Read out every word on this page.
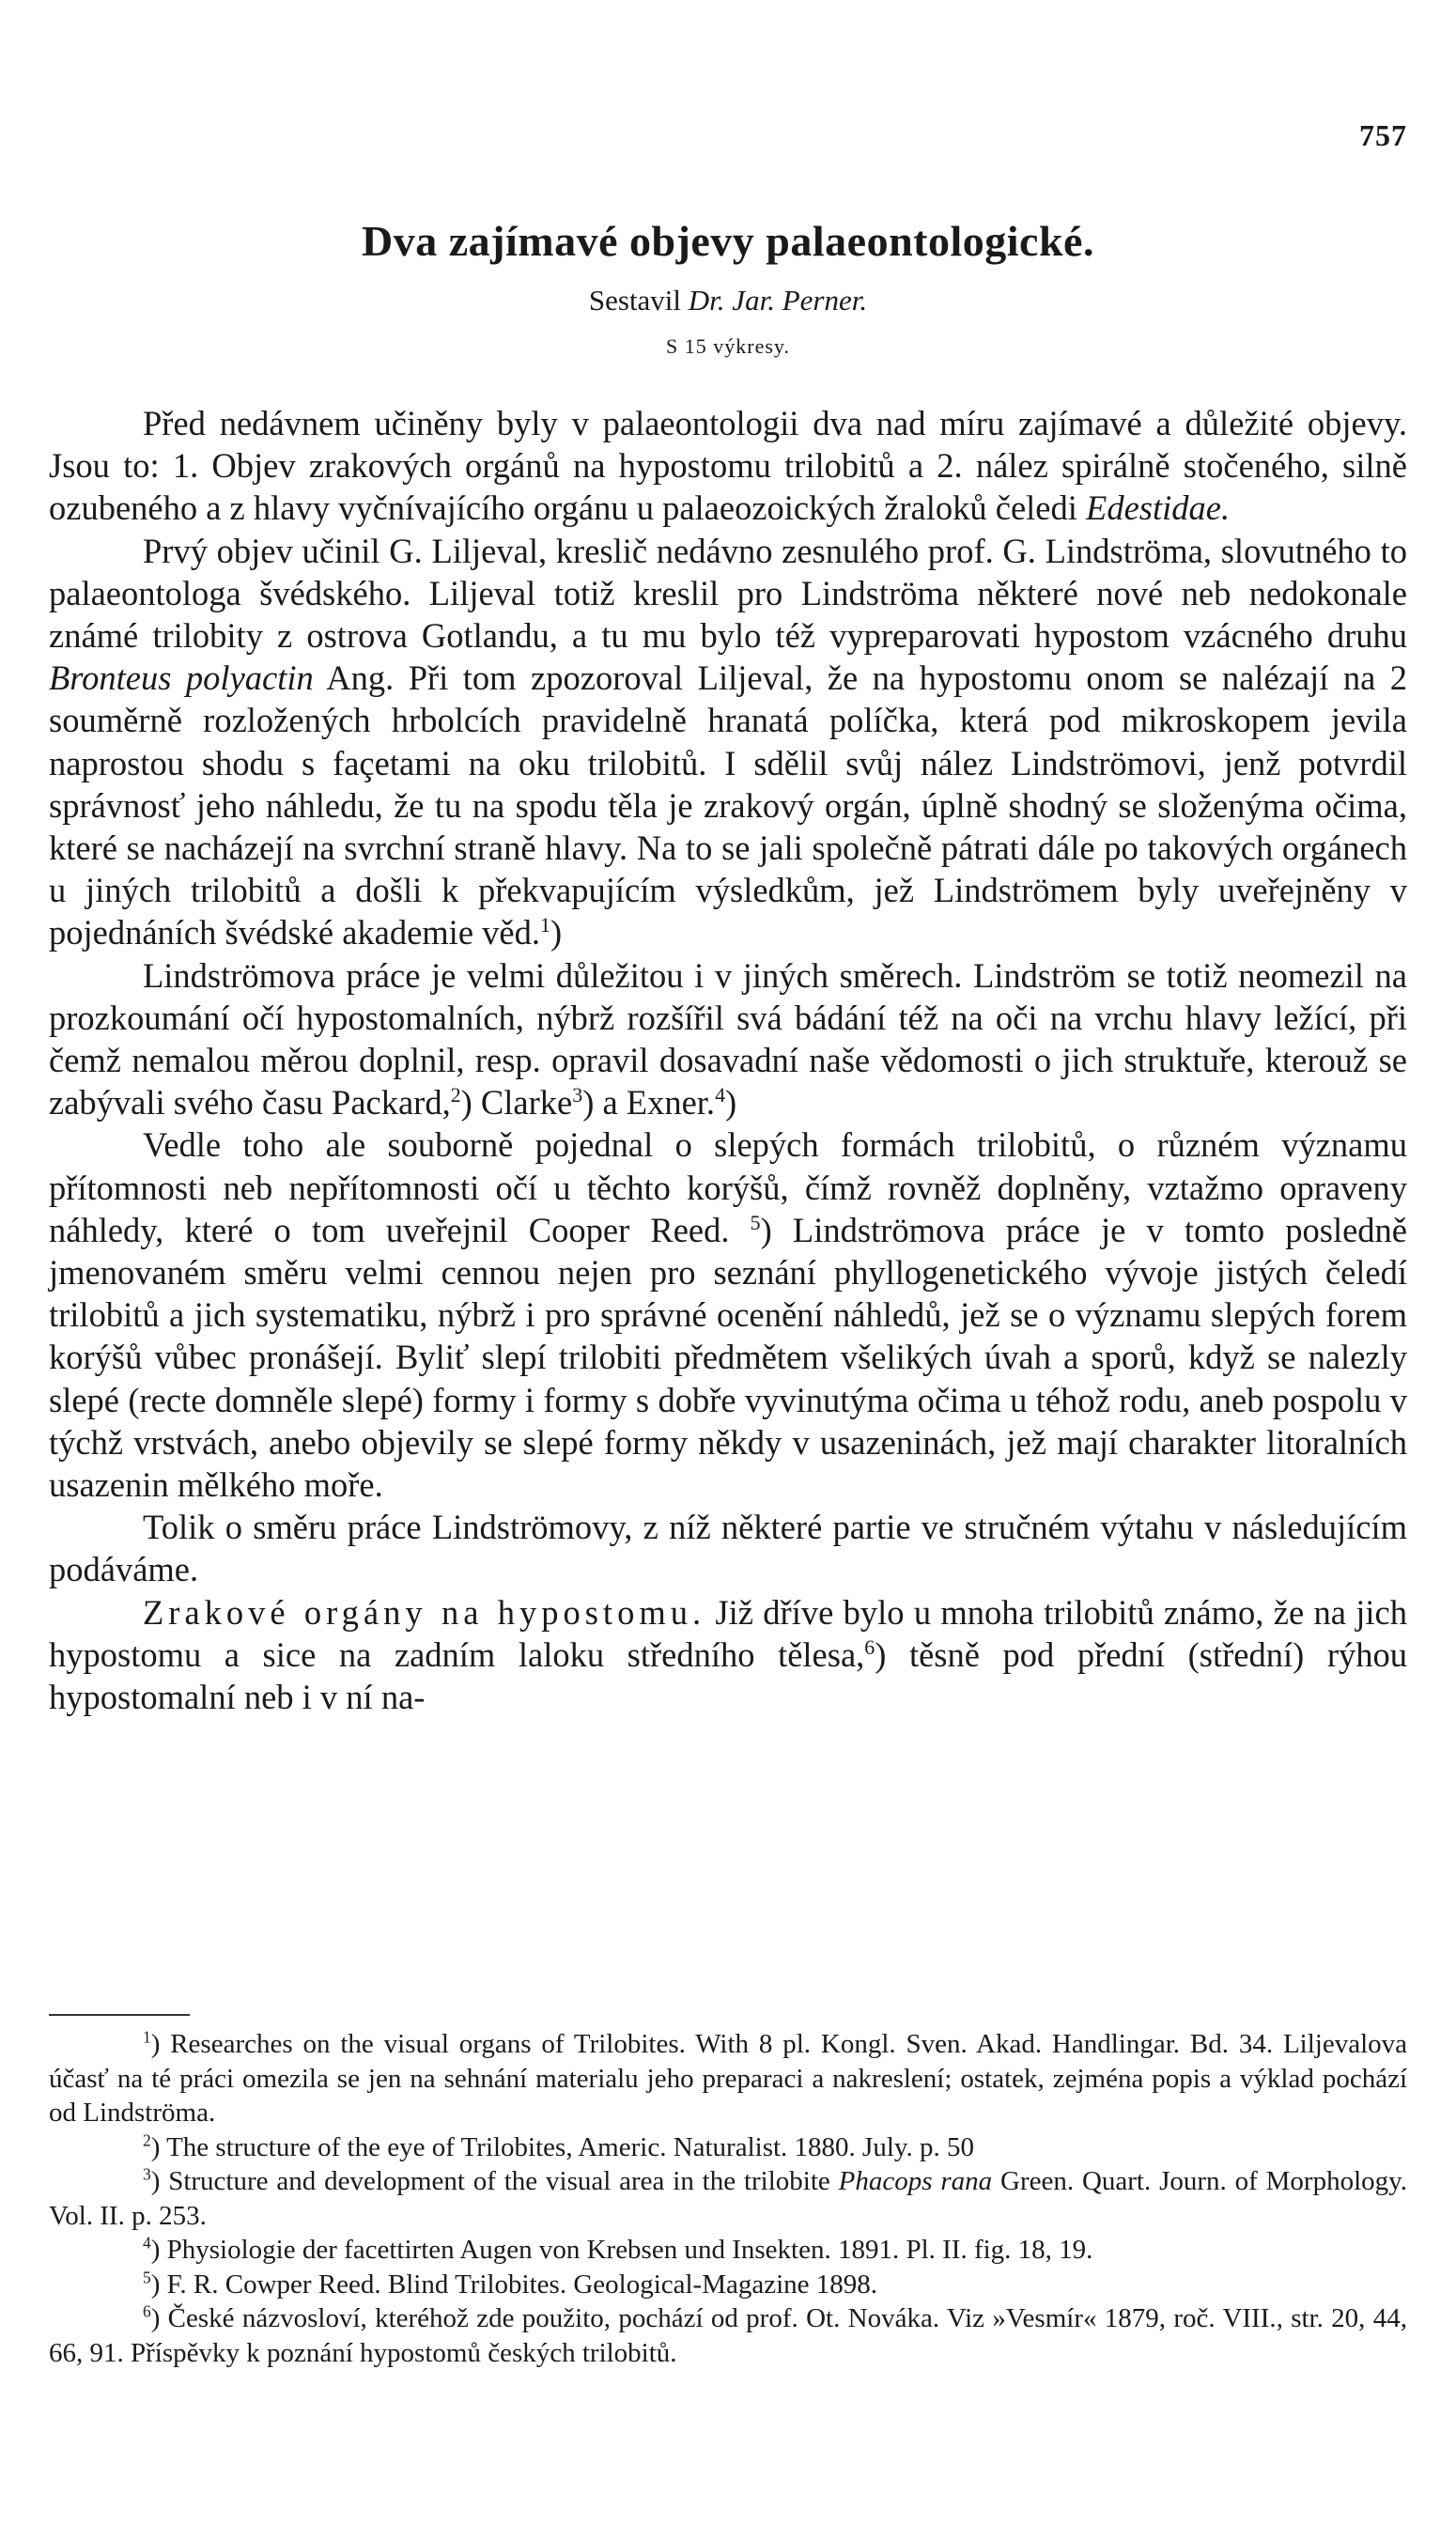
757
Dva zajímavé objevy palaeontologické.
Sestavil Dr. Jar. Perner.
S 15 výkresy.

Před nedávnem učiněny byly v palaeontologii dva nad míru zajímavé a důležité objevy. Jsou to: 1. Objev zrakových orgánů na hypostomu trilobitů a 2. nález spirálně stočeného, silně ozubeného a z hlavy vyčnívajícího orgánu u palaeozoických žraloků čeledi Edestidae.

Prvý objev učinil G. Liljeval, kreslič nedávno zesnulého prof. G. Lindströma, slovutného to palaeontologa švédského. Liljeval totiž kreslil pro Lindströma některé nové neb nedokonale známé trilobity z ostrova Gotlandu, a tu mu bylo též vypreparovati hypostom vzácného druhu Bronteus polyactin Ang. Při tom zpozoroval Liljeval, že na hypostomu onom se nalézají na 2 souměrně rozložených hrbolcích pravidelně hranatá políčka, která pod mikroskopem jevila naprostou shodu s façetami na oku trilobitů. I sdělil svůj nález Lindströmovi, jenž potvrdil správnosť jeho náhledu, že tu na spodu těla je zrakový orgán, úplně shodný se složenýma očima, které se nacházejí na svrchní straně hlavy. Na to se jali společně pátrati dále po takových orgánech u jiných trilobitů a došli k překvapujícím výsledkům, jež Lindströmem byly uveřejněny v pojednáních švédské akademie věd.$^1$)

Lindströmova práce je velmi důležitou i v jiných směrech. Lindström se totiž neomezil na prozkoumání očí hypostomalních, nýbrž rozšířil svá bádání též na oči na vrchu hlavy ležící, při čemž nemalou měrou doplnil, resp. opravil dosavadní naše vědomosti o jich struktuře, kterouž se zabývali svého času Packard,$^2$) Clarke$^3$) a Exner.$^4$)

Vedle toho ale souborně pojednal o slepých formách trilobitů, o různém významu přítomnosti neb nepřítomnosti očí u těchto korýšů, čímž rovněž doplněny, vztažmo opraveny náhledy, které o tom uveřejnil Cooper Reed. $^5$) Lindströmova práce je v tomto posledně jmenovaném směru velmi cennou nejen pro seznání phyllogenetického vývoje jistých čeledí trilobitů a jich systematiku, nýbrž i pro správné ocenění náhledů, jež se o významu slepých forem korýšů vůbec pronášejí. Byliť slepí trilobiti předmětem všelikých úvah a sporů, když se nalezly slepé (recte domněle slepé) formy i formy s dobře vyvinutýma očima u téhož rodu, aneb pospolu v týchž vrstvách, anebo objevily se slepé formy někdy v usazeninách, jež mají charakter litoralních usazenin mělkého moře.

Tolik o směru práce Lindströmovy, z níž některé partie ve stručném výtahu v následujícím podáváme.

Zrakové orgány na hypostomu. Již dříve bylo u mnoha trilobitů známo, že na jich hypostomu a sice na zadním laloku středního tělesa,$^6$) těsně pod přední (střední) rýhou hypostomalní neb i v ní na-

$^1$) Researches on the visual organs of Trilobites. With 8 pl. Kongl. Sven. Akad. Handlingar. Bd. 34. Liljevalova účasť na té práci omezila se jen na sehnání materialu jeho preparaci a nakreslení; ostatek, zejména popis a výklad pochází od Lindströma.

$^2$) The structure of the eye of Trilobites, Americ. Naturalist. 1880. July. p. 50

$^3$) Structure and development of the visual area in the trilobite Phacops rana Green. Quart. Journ. of Morphology. Vol. II. p. 253.

$^4$) Physiologie der facettirten Augen von Krebsen und Insekten. 1891. Pl. II. fig. 18, 19.

$^5$) F. R. Cowper Reed. Blind Trilobites. Geological-Magazine 1898.

$^6$) České názvosloví, kteréhož zde použito, pochází od prof. Ot. Nováka. Viz »Vesmír« 1879, roč. VIII., str. 20, 44, 66, 91. Příspěvky k poznání hypostomů českých trilobitů.
